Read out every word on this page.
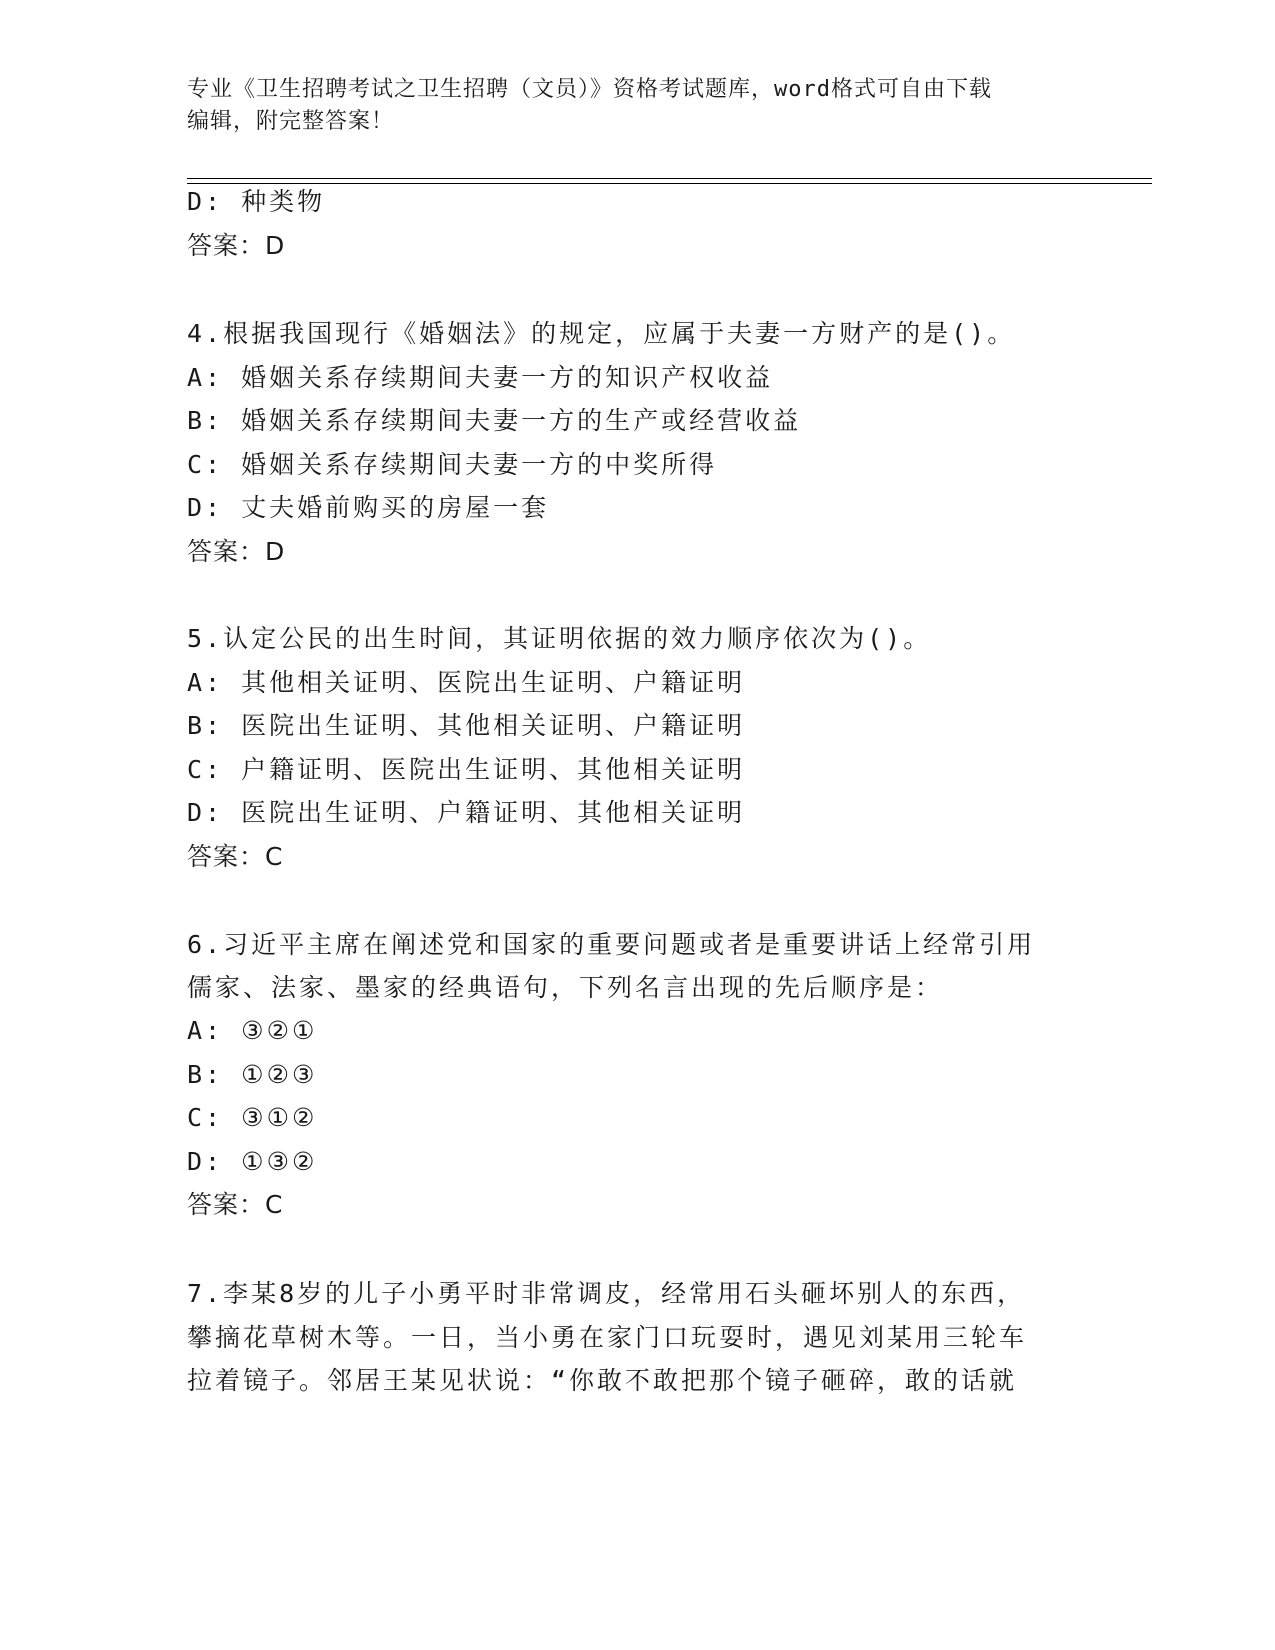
专业《卫生招聘考试之卫生招聘（文员）》资格考试题库，word格式可自由下载
编辑，附完整答案！
D: 种类物
答案：D
4.根据我国现行《婚姻法》的规定，应属于夫妻一方财产的是()。
A: 婚姻关系存续期间夫妻一方的知识产权收益
B: 婚姻关系存续期间夫妻一方的生产或经营收益
C: 婚姻关系存续期间夫妻一方的中奖所得
D: 丈夫婚前购买的房屋一套
答案：D
5.认定公民的出生时间，其证明依据的效力顺序依次为()。
A: 其他相关证明、医院出生证明、户籍证明
B: 医院出生证明、其他相关证明、户籍证明
C: 户籍证明、医院出生证明、其他相关证明
D: 医院出生证明、户籍证明、其他相关证明
答案：C
6.习近平主席在阐述党和国家的重要问题或者是重要讲话上经常引用
儒家、法家、墨家的经典语句，下列名言出现的先后顺序是：
A: ③②①
B: ①②③
C: ③①②
D: ①③②
答案：C
7.李某8岁的儿子小勇平时非常调皮，经常用石头砸坏别人的东西，
攀摘花草树木等。一日，当小勇在家门口玩耍时，遇见刘某用三轮车
拉着镜子。邻居王某见状说：“你敢不敢把那个镜子砸碎，敢的话就
